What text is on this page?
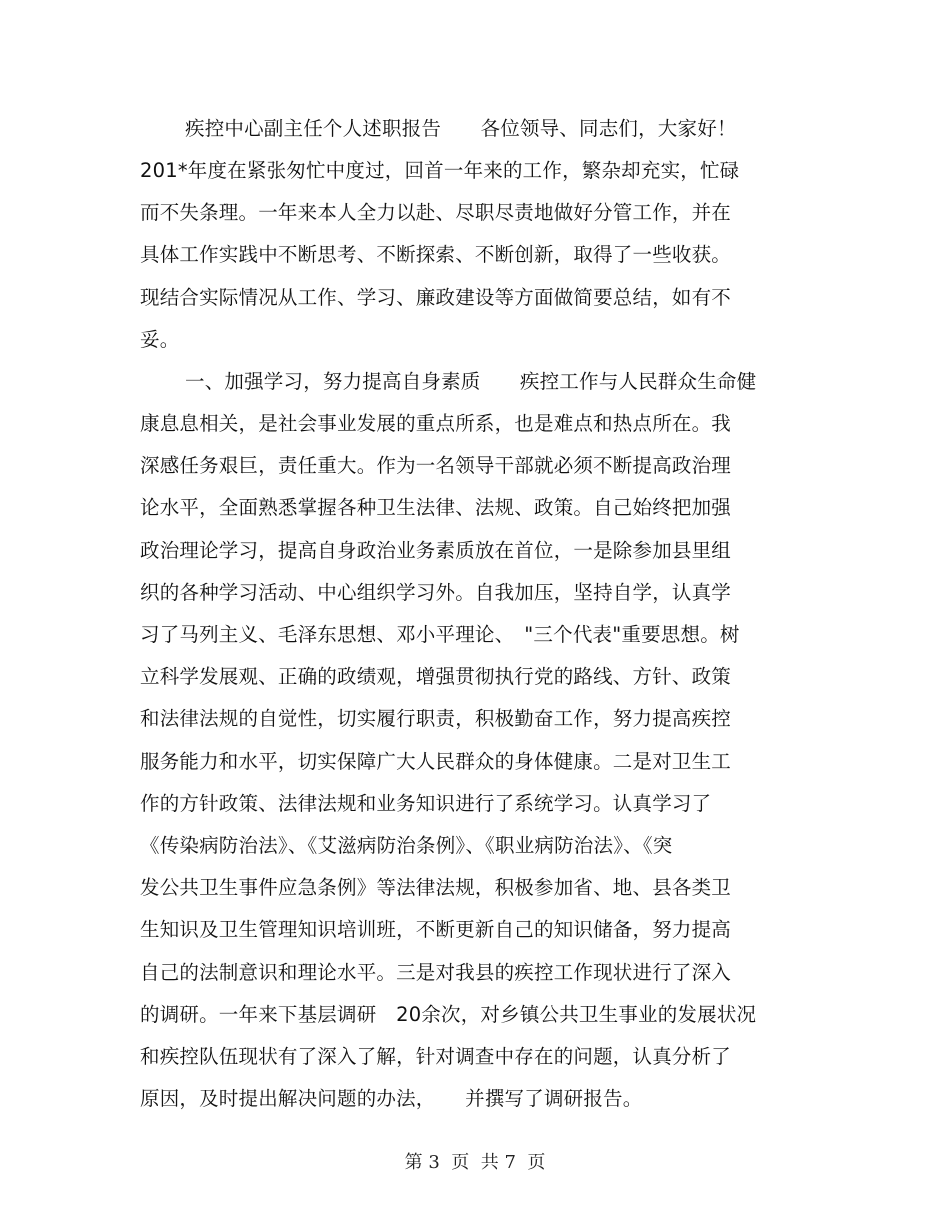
疾控中心副主任个人述职报告　　各位领导、同志们，大家好！
201*年度在紧张匆忙中度过，回首一年来的工作，繁杂却充实，忙碌
而不失条理。一年来本人全力以赴、尽职尽责地做好分管工作，并在
具体工作实践中不断思考、不断探索、不断创新，取得了一些收获。
现结合实际情况从工作、学习、廉政建设等方面做简要总结，如有不
妥。
一、加强学习，努力提高自身素质　　疾控工作与人民群众生命健
康息息相关，是社会事业发展的重点所系，也是难点和热点所在。我
深感任务艰巨，责任重大。作为一名领导干部就必须不断提高政治理
论水平，全面熟悉掌握各种卫生法律、法规、政策。自己始终把加强
政治理论学习，提高自身政治业务素质放在首位，一是除参加县里组
织的各种学习活动、中心组织学习外。自我加压，坚持自学，认真学
习了马列主义、毛泽东思想、邓小平理论、　"三个代表"重要思想。树
立科学发展观、正确的政绩观，增强贯彻执行党的路线、方针、政策
和法律法规的自觉性，切实履行职责，积极勤奋工作，努力提高疾控
服务能力和水平，切实保障广大人民群众的身体健康。二是对卫生工
作的方针政策、法律法规和业务知识进行了系统学习。认真学习了
《传染病防治法》、《艾滋病防治条例》、《职业病防治法》、《突
发公共卫生事件应急条例》等法律法规，积极参加省、地、县各类卫
生知识及卫生管理知识培训班，不断更新自己的知识储备，努力提高
自己的法制意识和理论水平。三是对我县的疾控工作现状进行了深入
的调研。一年来下基层调研　20余次，对乡镇公共卫生事业的发展状况
和疾控队伍现状有了深入了解，针对调查中存在的问题，认真分析了
原因，及时提出解决问题的办法，　　并撰写了调研报告。
第 3  页  共 7  页
